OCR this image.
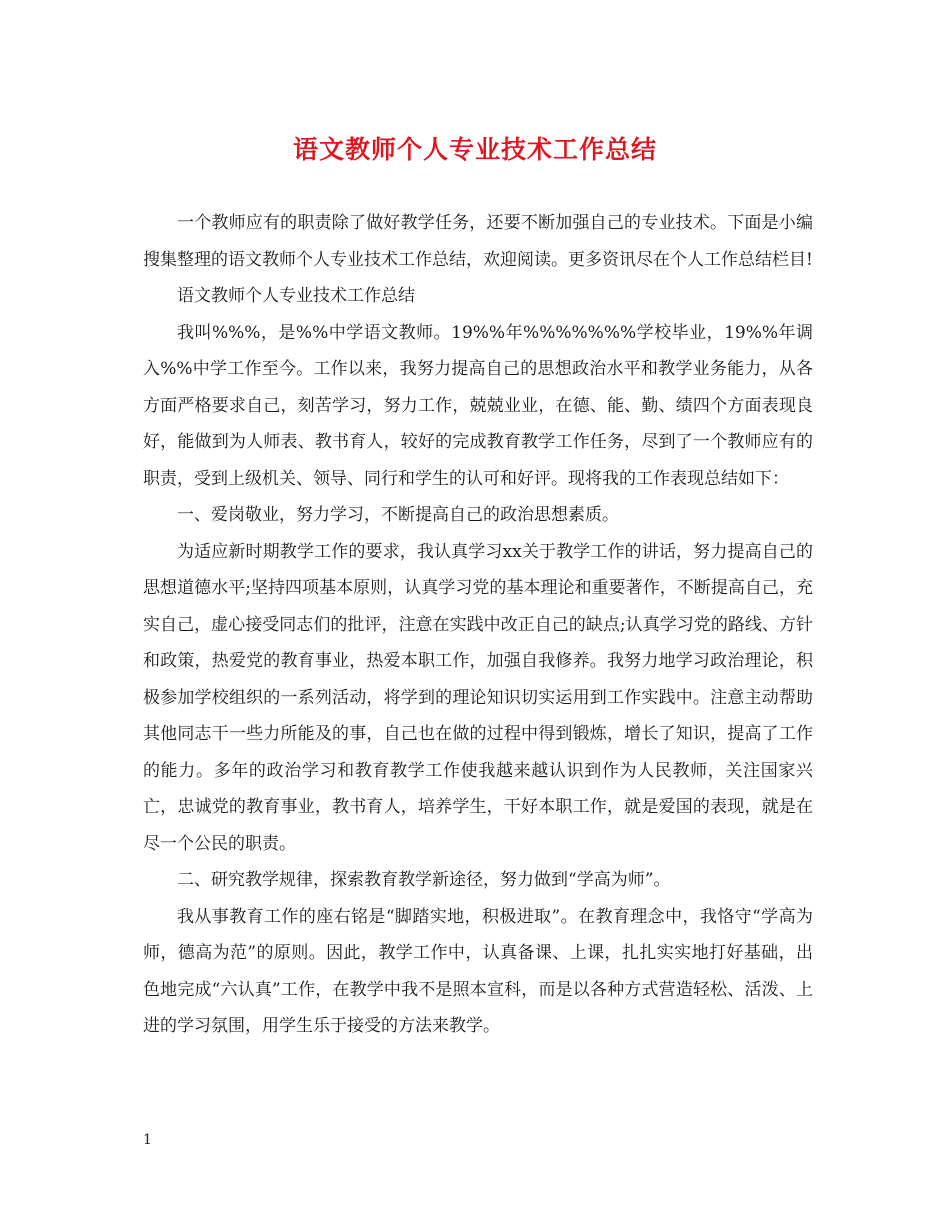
语文教师个人专业技术工作总结

一个教师应有的职责除了做好教学任务，还要不断加强自己的专业技术。下面是小编搜集整理的语文教师个人专业技术工作总结，欢迎阅读。更多资讯尽在个人工作总结栏目!

语文教师个人专业技术工作总结

我叫%%%，是%%中学语文教师。19%%年%%%%%%%学校毕业，19%%年调入%%中学工作至今。工作以来，我努力提高自己的思想政治水平和教学业务能力，从各方面严格要求自己，刻苦学习，努力工作，兢兢业业，在德、能、勤、绩四个方面表现良好，能做到为人师表、教书育人，较好的完成教育教学工作任务，尽到了一个教师应有的职责，受到上级机关、领导、同行和学生的认可和好评。现将我的工作表现总结如下：

一、爱岗敬业，努力学习，不断提高自己的政治思想素质。

为适应新时期教学工作的要求，我认真学习xx关于教学工作的讲话，努力提高自己的思想道德水平;坚持四项基本原则，认真学习党的基本理论和重要著作，不断提高自己，充实自己，虚心接受同志们的批评，注意在实践中改正自己的缺点;认真学习党的路线、方针和政策，热爱党的教育事业，热爱本职工作，加强自我修养。我努力地学习政治理论，积极参加学校组织的一系列活动，将学到的理论知识切实运用到工作实践中。注意主动帮助其他同志干一些力所能及的事，自己也在做的过程中得到锻炼，增长了知识，提高了工作的能力。多年的政治学习和教育教学工作使我越来越认识到作为人民教师，关注国家兴亡，忠诚党的教育事业，教书育人，培养学生，干好本职工作，就是爱国的表现，就是在尽一个公民的职责。

二、研究教学规律，探索教育教学新途径，努力做到“学高为师”。

我从事教育工作的座右铭是“脚踏实地，积极进取”。在教育理念中，我恪守“学高为师，德高为范”的原则。因此，教学工作中，认真备课、上课，扎扎实实地打好基础，出色地完成“六认真”工作，在教学中我不是照本宣科，而是以各种方式营造轻松、活泼、上进的学习氛围，用学生乐于接受的方法来教学。

1
